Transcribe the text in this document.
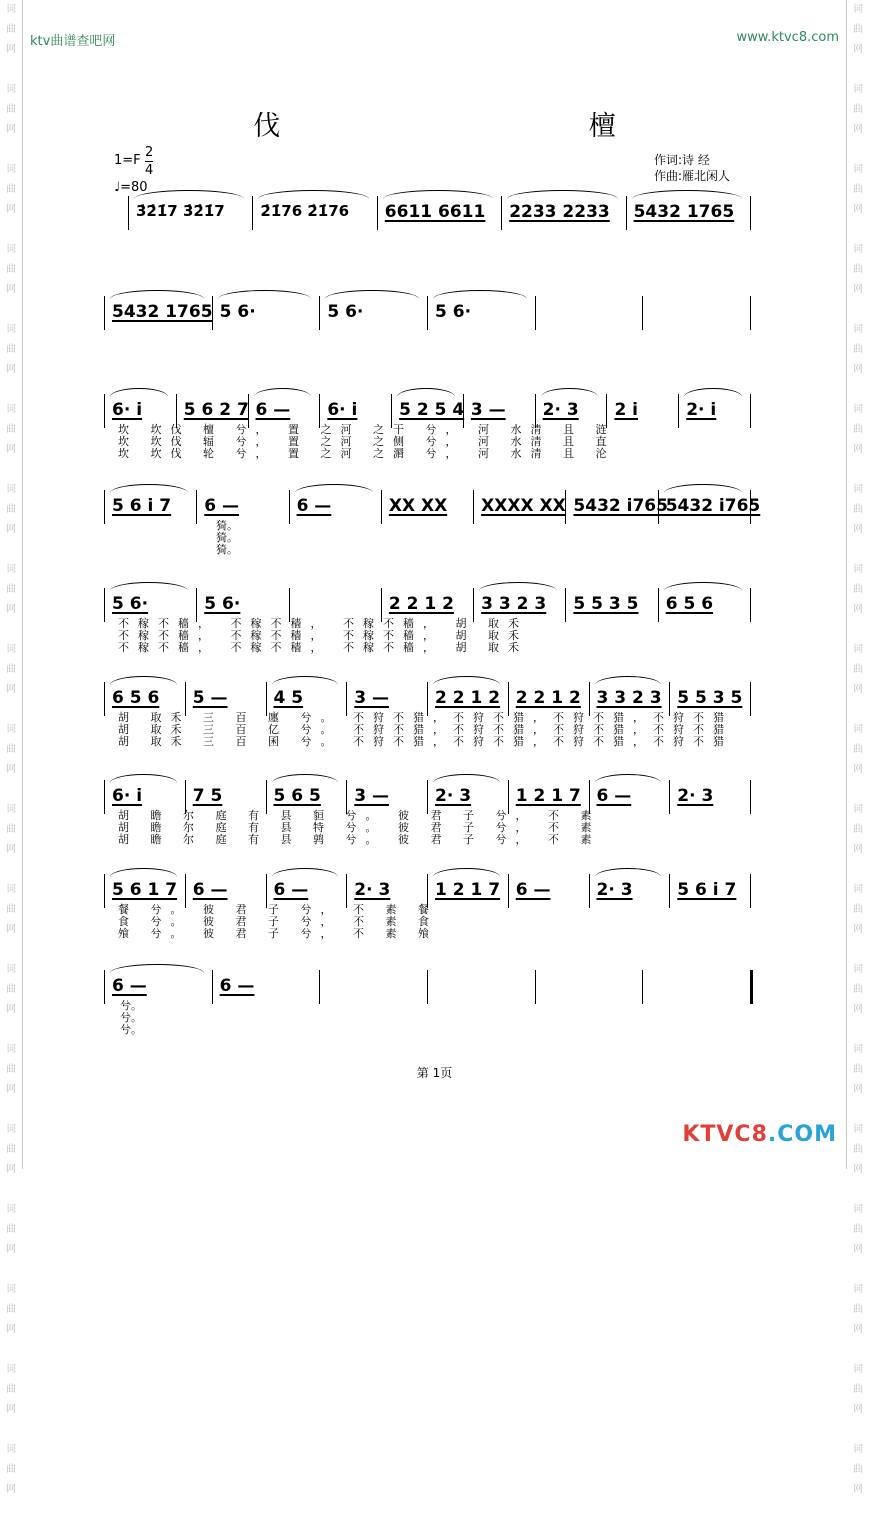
词
曲
网

词
曲
网

词
曲
网

词
曲
网

词
曲
网

词
曲
网

词
曲
网

词
曲
网

词
曲
网

词
曲
网

词
曲
网

词
曲
网

词
曲
网

词
曲
网

词
曲
网

词
曲
网

词
曲
网

词
曲
网

词
曲
网

词
曲
网

词
曲
网

词
曲
网

词
曲
网

词
曲
网

词
曲
网

词
曲
网

词
曲
网

词
曲
网

词
曲
网

词
曲
网

词
曲
网

词
曲
网

词
曲
网

词
曲
网

词
曲
网

词
曲
网

词
曲
网

词
曲
网

ktv曲谱查吧网	www.ktvc8.com
伐 檀
$1=F \frac{2}{4}$
♩=80
作词:诗 经
作曲:雁北闲人
3̇2̇1̇7 3̇2̇1̇7 2̇1̇76 2̇1̇76 6611 6611 2233 2233 5432 1765
5432 1765 5 6·	5 6·	5 6·
6· i 5 6 2 7 6 — 6· i 5 2 5 4 3 — 2· 3 2 i	2· i
坎 坎伐 檀 兮， 置 之河 之干 兮， 河 水清 且 涟
坎 坎伐 辐 兮， 置 之河 之侧 兮， 河 水清 且 直
坎 坎伐 轮 兮， 置 之河 之漘 兮， 河 水清 且 沦
5 6 i 7 6 —	6 —	XX XX XXXX XX 5432 i765
5432 i765
猗。
猗。
猗。
5 6·	5 6·	2 2 1 2 3 3 2 3 5 5 3 5 6 5 6
不稼不穑， 不稼不穑， 不稼不穑， 胡 取禾
不稼不穑， 不稼不穑， 不稼不穑， 胡 取禾
不稼不穑， 不稼不穑， 不稼不穑， 胡 取禾
6 5 6 5 —	4 5	3 —	2 2 1 2 2 2 1 2 3 3 2 3 5 5 3 5
胡 取禾 三 百 廛 兮。 不狩不猎，不狩不猎，不狩不猎，不狩不猎
胡 取禾 三 百 亿 兮。 不狩不猎，不狩不猎，不狩不猎，不狩不猎
胡 取禾 三 百 囷 兮。 不狩不猎，不狩不猎，不狩不猎，不狩不猎
6· i	7 5	5 6 5 3 —	2· 3	1 2 1 7 6 —	2· 3
胡 瞻 尔 庭 有 县 貆 兮。 彼 君 子 兮， 不 素
胡 瞻 尔 庭 有 县 特 兮。 彼 君 子 兮， 不 素
胡 瞻 尔 庭 有 县 鹑 兮。 彼 君 子 兮， 不 素
5 6 1 7 6 —	6 —	2· 3	1 2 1 7 6 —	2· 3	5 6 i 7
餐 兮。 彼 君 子 兮， 不 素 餐
食 兮。 彼 君 子 兮， 不 素 食
飧 兮。 彼 君 子 兮， 不 素 飧
6 —	6 —
兮。
兮。
兮。
第 1页
KTVC8.COM
